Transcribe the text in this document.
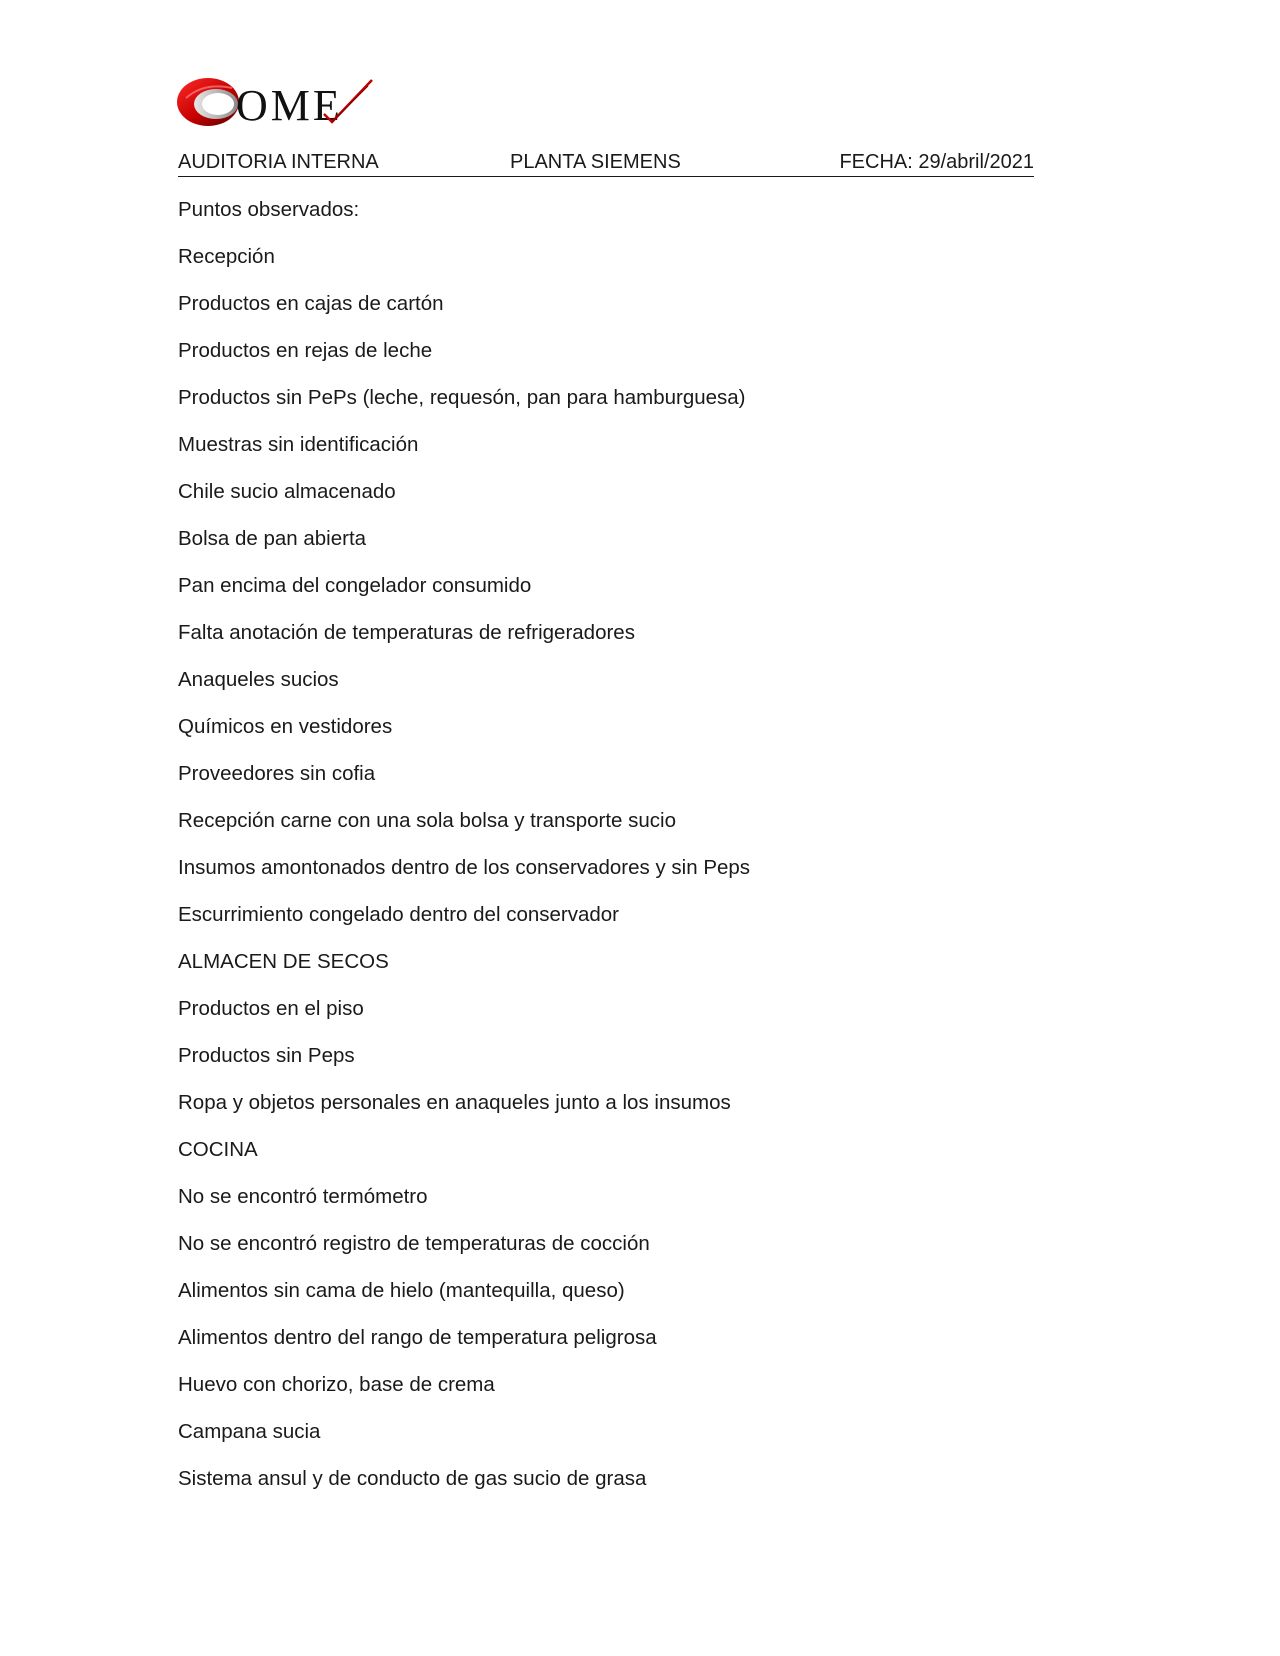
OME
AUDITORIA INTERNA	PLANTA SIEMENS	FECHA: 29/abril/2021
Puntos observados:
Recepción
Productos en cajas de cartón
Productos en rejas de leche
Productos sin PePs (leche, requesón, pan para hamburguesa)
Muestras sin identificación
Chile sucio almacenado
Bolsa de pan abierta
Pan encima del congelador consumido
Falta anotación de temperaturas de refrigeradores
Anaqueles sucios
Químicos en vestidores
Proveedores sin cofia
Recepción carne con una sola bolsa y transporte sucio
Insumos amontonados dentro de los conservadores y sin Peps
Escurrimiento congelado dentro del conservador
ALMACEN DE SECOS
Productos en el piso
Productos sin Peps
Ropa y objetos personales en anaqueles junto a los insumos
COCINA
No se encontró termómetro
No se encontró registro de temperaturas de cocción
Alimentos sin cama de hielo (mantequilla, queso)
Alimentos dentro del rango de temperatura peligrosa
Huevo con chorizo, base de crema
Campana sucia
Sistema ansul y de conducto de gas sucio de grasa
